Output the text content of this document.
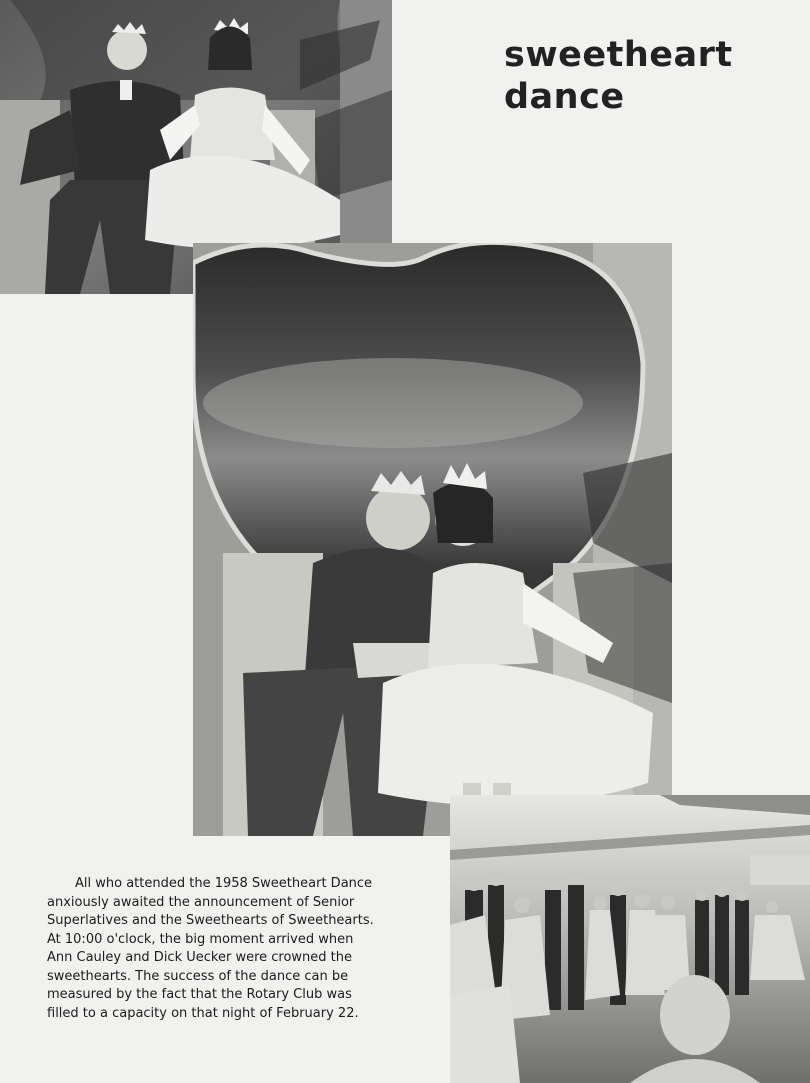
sweetheart
dance
All who attended the 1958 Sweetheart Dance
anxiously awaited the announcement of Senior
Superlatives and the Sweethearts of Sweethearts.
At 10:00 o'clock, the big moment arrived when
Ann Cauley and Dick Uecker were crowned the
sweethearts. The success of the dance can be
measured by the fact that the Rotary Club was
filled to a capacity on that night of February 22.
